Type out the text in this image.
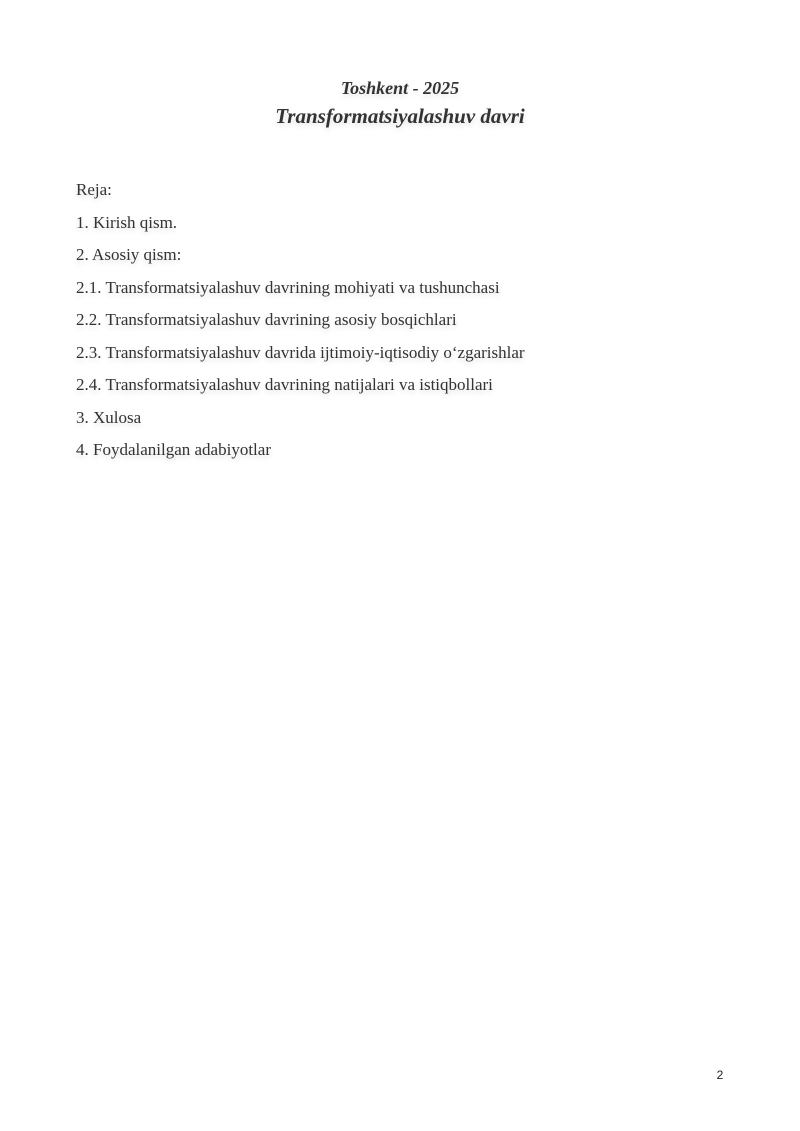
Toshkent - 2025
Transformatsiyalashuv davri
Reja:
1. Kirish qism.
2. Asosiy qism:
2.1. Transformatsiyalashuv davrining mohiyati va tushunchasi
2.2. Transformatsiyalashuv davrining asosiy bosqichlari
2.3. Transformatsiyalashuv davrida ijtimoiy-iqtisodiy o‘zgarishlar
2.4. Transformatsiyalashuv davrining natijalari va istiqbollari
3. Xulosa
4. Foydalanilgan adabiyotlar
2
